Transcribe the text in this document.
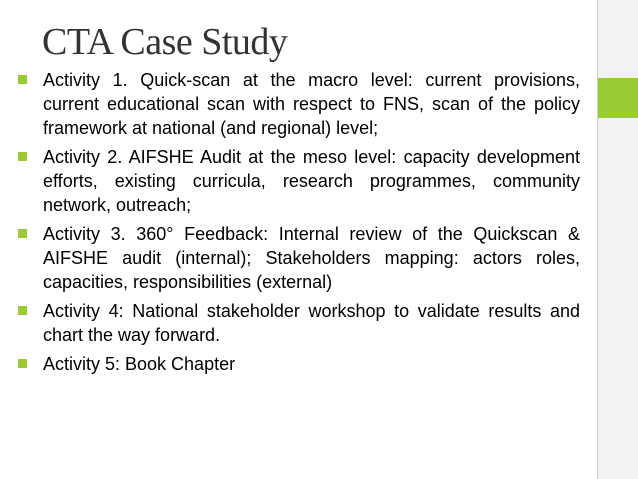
CTA Case Study
Activity 1. Quick-scan at the macro level: current provisions, current educational scan with respect to FNS, scan of the policy framework at national (and regional) level;
Activity 2. AIFSHE Audit at the meso level: capacity development efforts, existing curricula, research programmes, community network, outreach;
Activity 3. 360° Feedback: Internal review of the Quickscan & AIFSHE audit (internal); Stakeholders mapping: actors roles, capacities, responsibilities (external)
Activity 4: National stakeholder workshop to validate results and chart the way forward.
Activity 5: Book Chapter
